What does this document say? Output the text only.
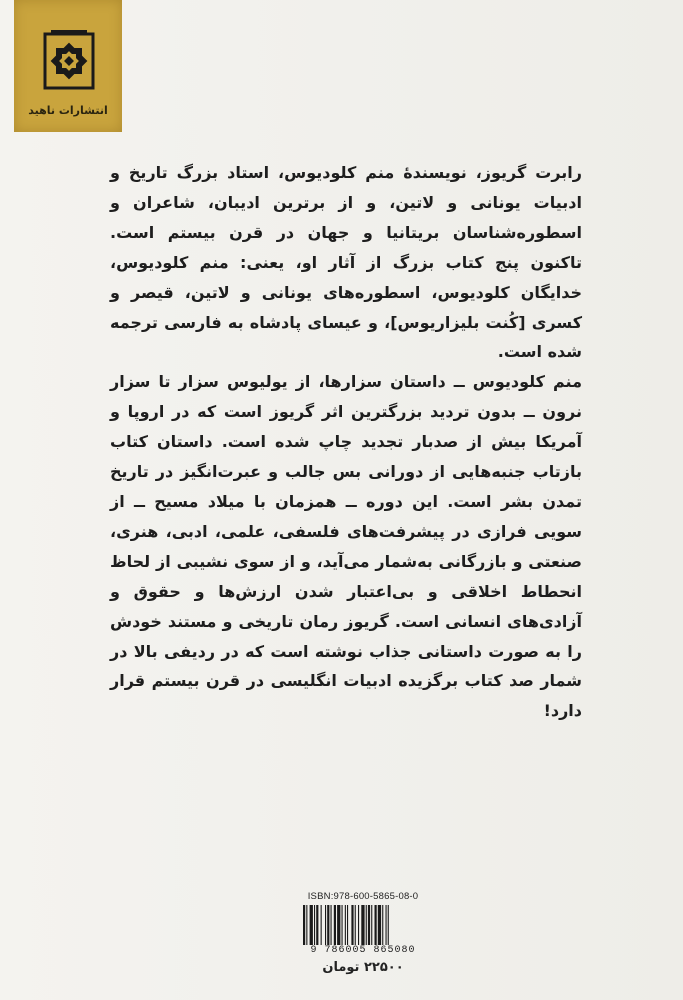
انتشارات ناهید

رابرت گریوز، نویسندهٔ منم کلودیوس، استاد بزرگ تاریخ و ادبیات یونانی و لاتین، و از برترین ادیبان، شاعران و اسطوره‌شناسان بریتانیا و جهان در قرن بیستم است. تاکنون پنج کتاب بزرگ از آثار او، یعنی: منم کلودیوس، خدایگان کلودیوس، اسطوره‌های یونانی و لاتین، قیصر و کسری [کُنت بلیزاریوس]، و عیسای پادشاه به فارسی ترجمه شده است.

منم کلودیوس ــ داستان سزارها، از یولیوس سزار تا سزار نرون ــ بدون تردید بزرگترین اثر گریوز است که در اروپا و آمریکا بیش از صدبار تجدید چاپ شده است. داستان کتاب بازتاب جنبه‌هایی از دورانی بس جالب و عبرت‌انگیز در تاریخ تمدن بشر است. این دوره ــ همزمان با میلاد مسیح ــ از سویی فرازی در پیشرفت‌های فلسفی، علمی، ادبی، هنری، صنعتی و بازرگانی به‌شمار می‌آید، و از سوی نشیبی از لحاظ انحطاط اخلاقی و بی‌اعتبار شدن ارزش‌ها و حقوق و آزادی‌های انسانی است. گریوز رمان تاریخی و مستند خودش را به صورت داستانی جذاب نوشته است که در ردیفی بالا در شمار صد کتاب برگزیده ادبیات انگلیسی در قرن بیستم قرار دارد!

ISBN:978-600-5865-08-0
9 786005 865080
۲۲۵۰۰ تومان
